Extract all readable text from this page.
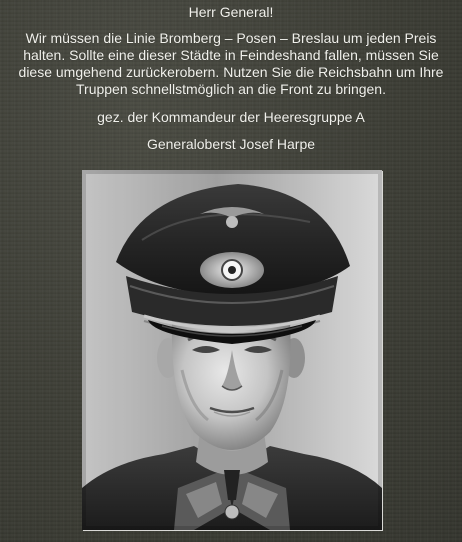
Herr General!

Wir müssen die Linie Bromberg – Posen – Breslau um jeden Preis halten. Sollte eine dieser Städte in Feindeshand fallen, müssen Sie diese umgehend zurückerobern. Nutzen Sie die Reichsbahn um Ihre Truppen schnellstmöglich an die Front zu bringen.

gez. der Kommandeur der Heeresgruppe A

Generaloberst Josef Harpe
